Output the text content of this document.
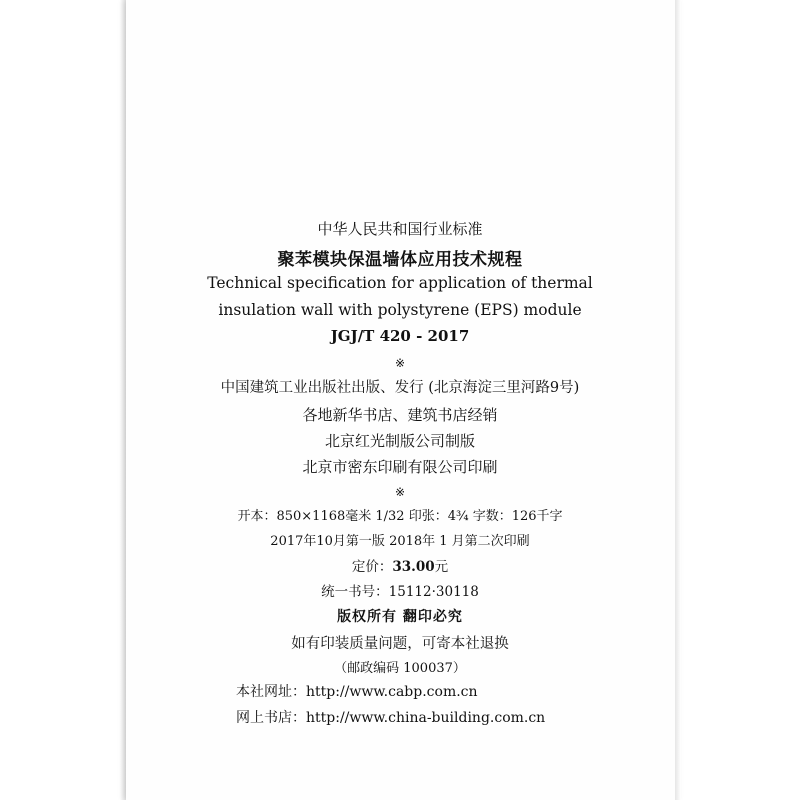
中华人民共和国行业标准
聚苯模块保温墙体应用技术规程
Technical specification for application of thermal
insulation wall with polystyrene (EPS) module
JGJ/T 420 - 2017
※
中国建筑工业出版社出版、发行 (北京海淀三里河路9号)
各地新华书店、建筑书店经销
北京红光制版公司制版
北京市密东印刷有限公司印刷
※
开本：850×1168毫米 1/32 印张：4¾ 字数：126千字
2017年10月第一版 2018年 1 月第二次印刷
定价：33.00元
统一书号：15112·30118
版权所有 翻印必究
如有印装质量问题，可寄本社退换
（邮政编码 100037）
本社网址：http://www.cabp.com.cn
网上书店：http://www.china-building.com.cn
